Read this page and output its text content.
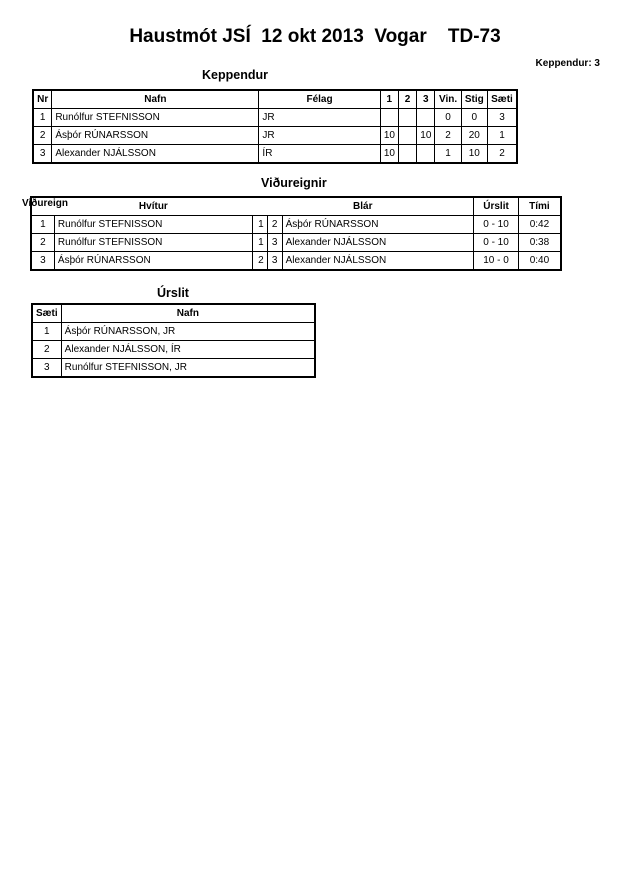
Haustmót JSÍ  12 okt 2013  Vogar    TD-73
Keppendur: 3
Keppendur
Nr	Nafn	Félag	1	2	3	Vin.	Stig	Sæti
1	Runólfur STEFNISSON	JR				0	0	3
2	Ásþór RÚNARSSON	JR	10		10	2	20	1
3	Alexander NJÁLSSON	ÍR	10			1	10	2
Viðureignir
Viðureign
		Hvítur	Blár			Úrslit	Tími
1	Runólfur STEFNISSON	1	2	Ásþór RÚNARSSON	0 - 10	0:42
2	Runólfur STEFNISSON	1	3	Alexander NJÁLSSON	0 - 10	0:38
3	Ásþór RÚNARSSON	2	3	Alexander NJÁLSSON	10 - 0	0:40
Úrslit
Sæti	Nafn
1	Ásþór RÚNARSSON, JR
2	Alexander NJÁLSSON, ÍR
3	Runólfur STEFNISSON, JR
